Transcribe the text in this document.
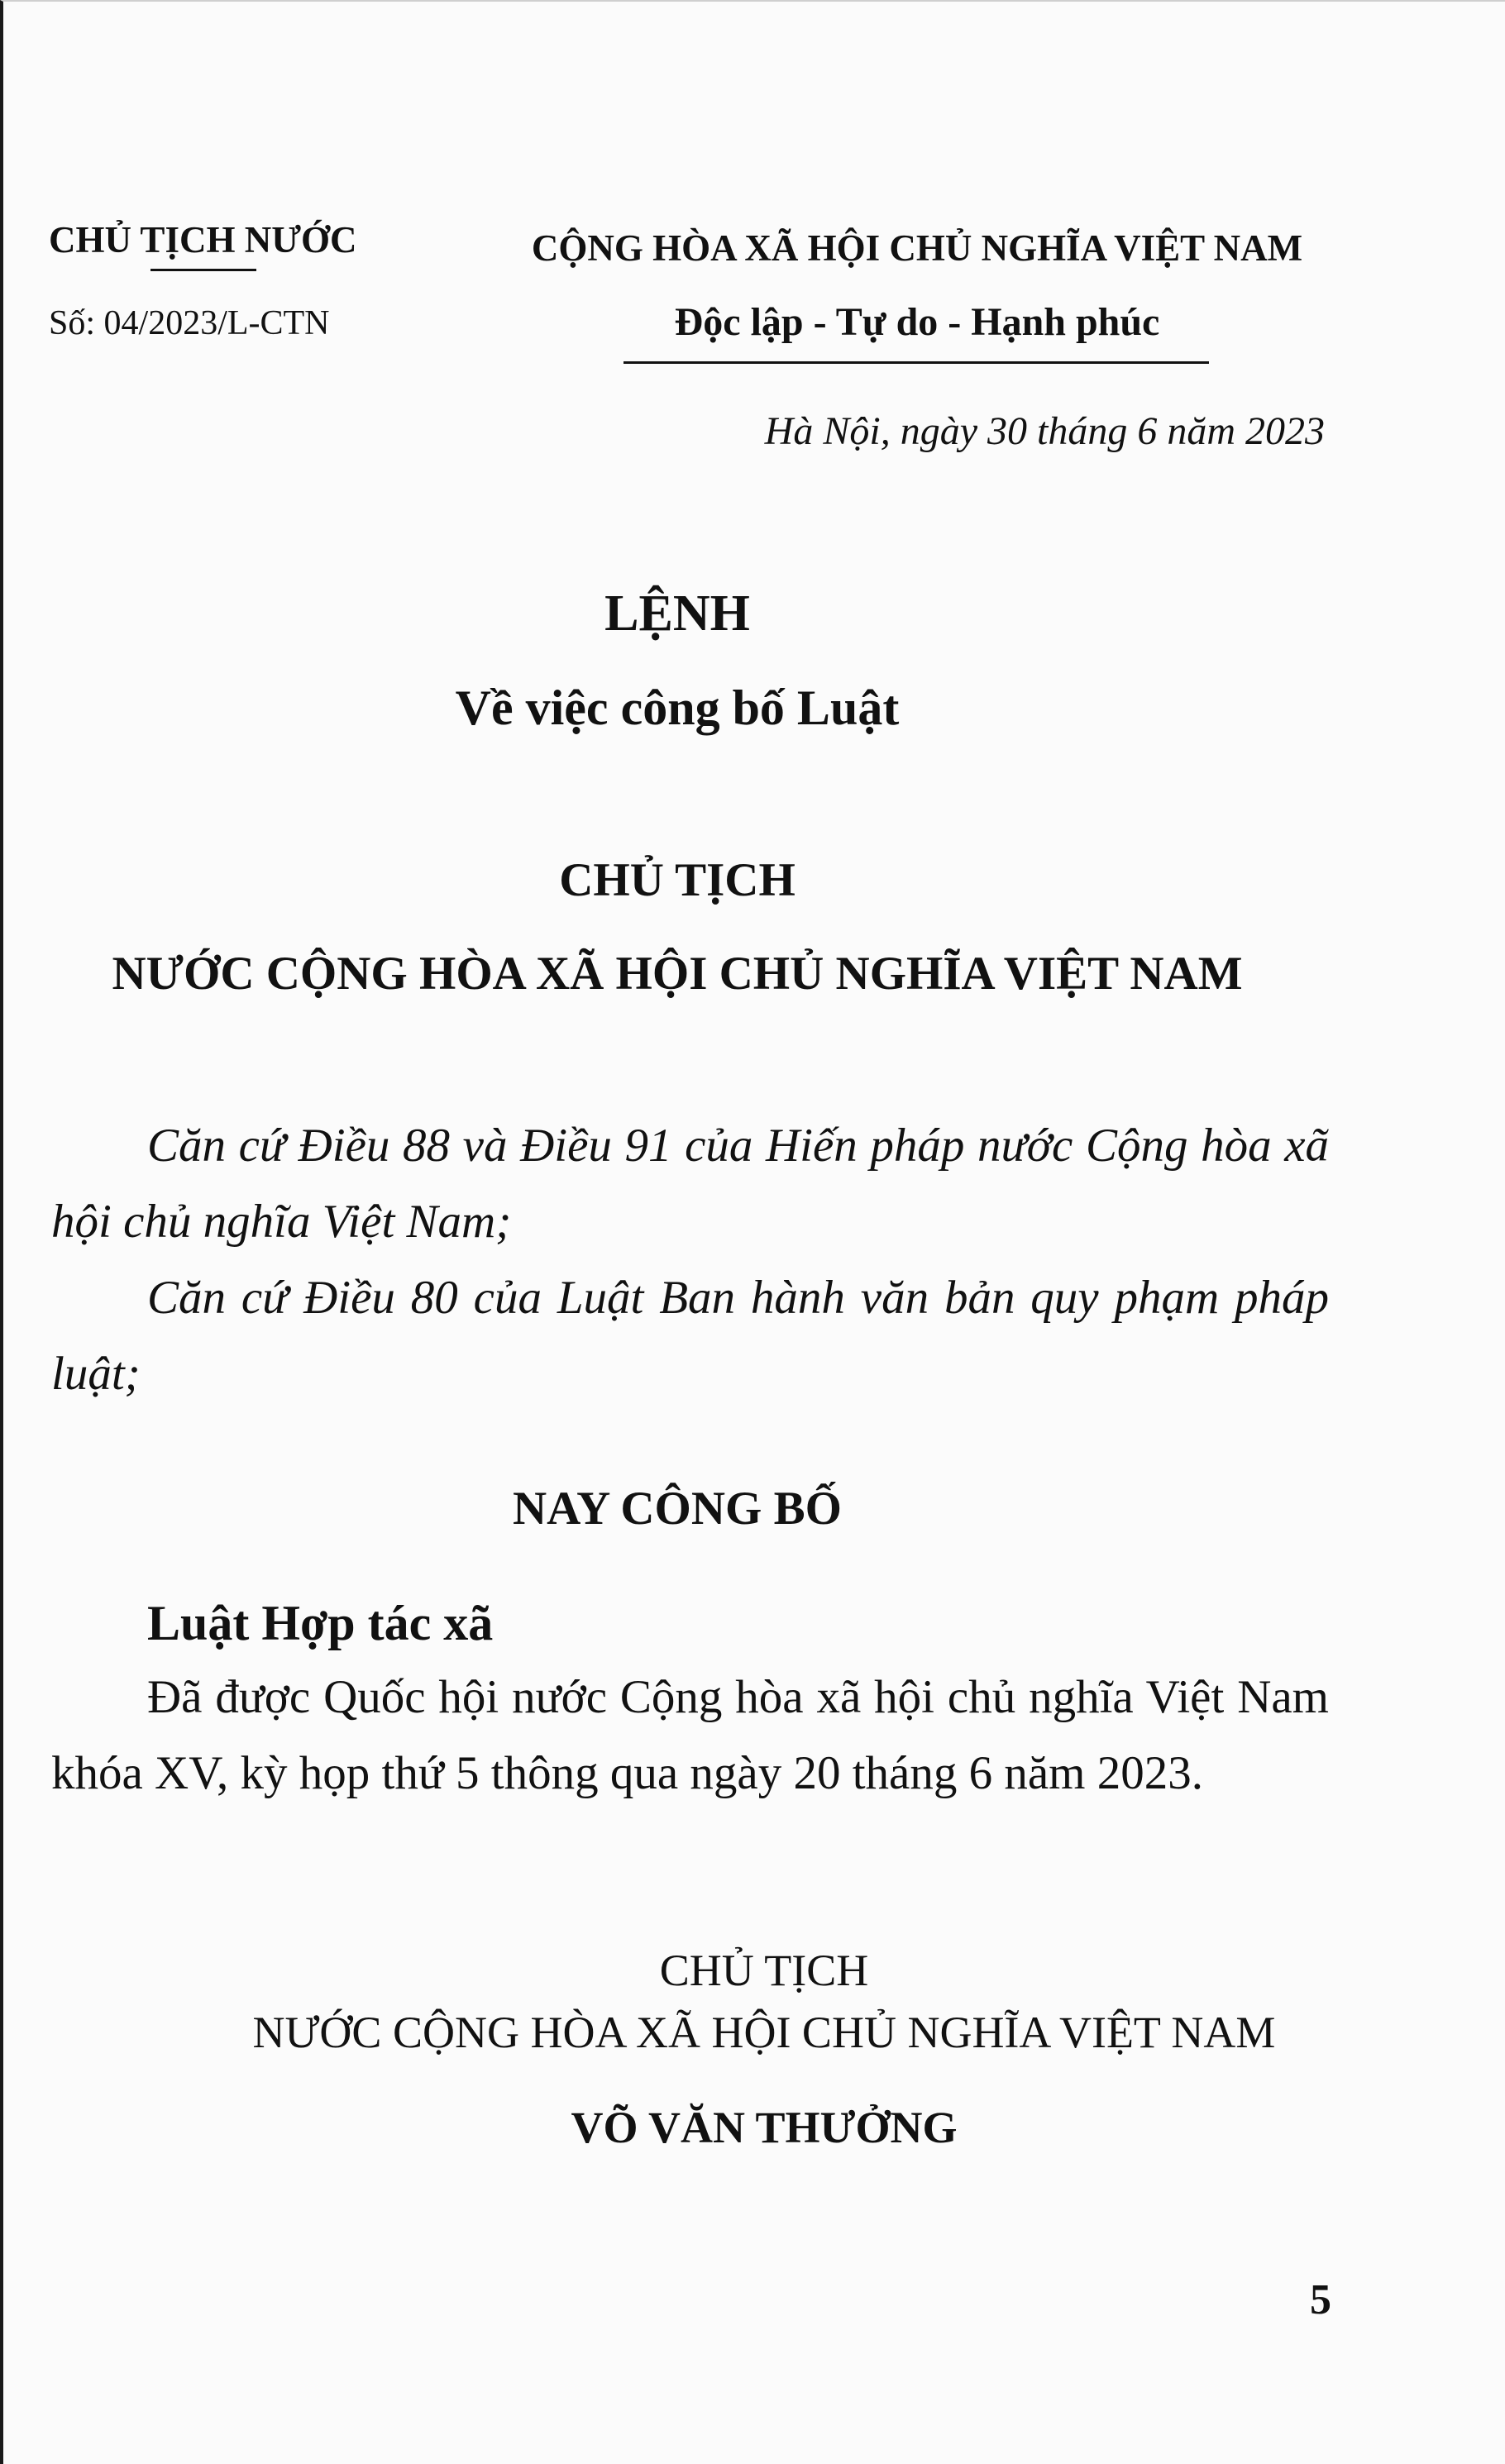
CHỦ TỊCH NƯỚC
Số: 04/2023/L-CTN
CỘNG HÒA XÃ HỘI CHỦ NGHĨA VIỆT NAM
Độc lập - Tự do - Hạnh phúc
Hà Nội, ngày 30 tháng 6 năm 2023
LỆNH
Về việc công bố Luật
CHỦ TỊCH
NƯỚC CỘNG HÒA XÃ HỘI CHỦ NGHĨA VIỆT NAM
Căn cứ Điều 88 và Điều 91 của Hiến pháp nước Cộng hòa xã hội chủ nghĩa Việt Nam;
Căn cứ Điều 80 của Luật Ban hành văn bản quy phạm pháp luật;
NAY CÔNG BỐ
Luật Hợp tác xã
Đã được Quốc hội nước Cộng hòa xã hội chủ nghĩa Việt Nam khóa XV, kỳ họp thứ 5 thông qua ngày 20 tháng 6 năm 2023.
CHỦ TỊCH
NƯỚC CỘNG HÒA XÃ HỘI CHỦ NGHĨA VIỆT NAM
VÕ VĂN THƯỞNG
5
